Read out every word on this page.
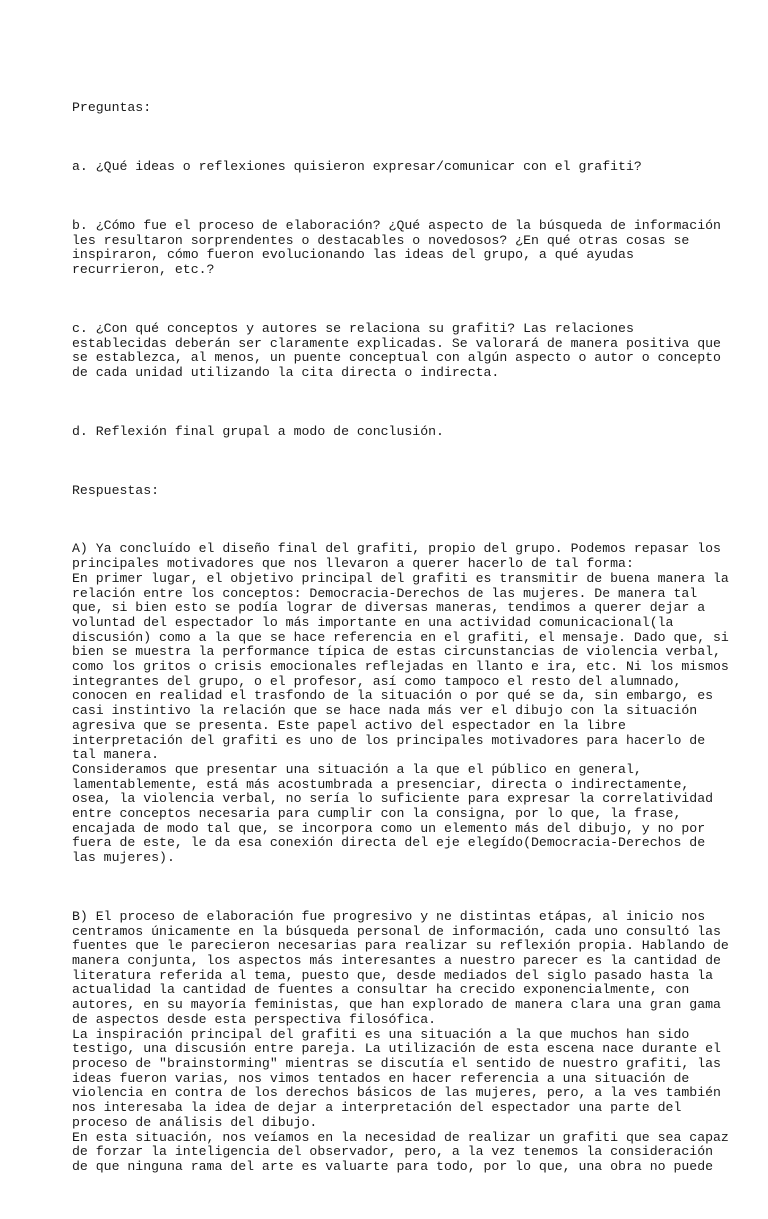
Preguntas:

a. ¿Qué ideas o reflexiones quisieron expresar/comunicar con el grafiti?

b. ¿Cómo fue el proceso de elaboración? ¿Qué aspecto de la búsqueda de información
les resultaron sorprendentes o destacables o novedosos? ¿En qué otras cosas se
inspiraron, cómo fueron evolucionando las ideas del grupo, a qué ayudas
recurrieron, etc.?

c. ¿Con qué conceptos y autores se relaciona su grafiti? Las relaciones
establecidas deberán ser claramente explicadas. Se valorará de manera positiva que
se establezca, al menos, un puente conceptual con algún aspecto o autor o concepto
de cada unidad utilizando la cita directa o indirecta.

d. Reflexión final grupal a modo de conclusión.

Respuestas:

A) Ya concluído el diseño final del grafiti, propio del grupo. Podemos repasar los
principales motivadores que nos llevaron a querer hacerlo de tal forma:
En primer lugar, el objetivo principal del grafiti es transmitir de buena manera la
relación entre los conceptos: Democracia-Derechos de las mujeres. De manera tal
que, si bien esto se podía lograr de diversas maneras, tendimos a querer dejar a
voluntad del espectador lo más importante en una actividad comunicacional(la
discusión) como a la que se hace referencia en el grafiti, el mensaje. Dado que, si
bien se muestra la performance típica de estas circunstancias de violencia verbal,
como los gritos o crisis emocionales reflejadas en llanto e ira, etc. Ni los mismos
integrantes del grupo, o el profesor, así como tampoco el resto del alumnado,
conocen en realidad el trasfondo de la situación o por qué se da, sin embargo, es
casi instintivo la relación que se hace nada más ver el dibujo con la situación
agresiva que se presenta. Este papel activo del espectador en la libre
interpretación del grafiti es uno de los principales motivadores para hacerlo de
tal manera.
Consideramos que presentar una situación a la que el público en general,
lamentablemente, está más acostumbrada a presenciar, directa o indirectamente,
osea, la violencia verbal, no sería lo suficiente para expresar la correlatividad
entre conceptos necesaria para cumplir con la consigna, por lo que, la frase,
encajada de modo tal que, se incorpora como un elemento más del dibujo, y no por
fuera de este, le da esa conexión directa del eje elegído(Democracia-Derechos de
las mujeres).

B) El proceso de elaboración fue progresivo y ne distintas etápas, al inicio nos
centramos únicamente en la búsqueda personal de información, cada uno consultó las
fuentes que le parecieron necesarias para realizar su reflexión propia. Hablando de
manera conjunta, los aspectos más interesantes a nuestro parecer es la cantidad de
literatura referida al tema, puesto que, desde mediados del siglo pasado hasta la
actualidad la cantidad de fuentes a consultar ha crecido exponencialmente, con
autores, en su mayoría feministas, que han explorado de manera clara una gran gama
de aspectos desde esta perspectiva filosófica.
La inspiración principal del grafiti es una situación a la que muchos han sido
testigo, una discusión entre pareja. La utilización de esta escena nace durante el
proceso de "brainstorming" mientras se discutía el sentido de nuestro grafiti, las
ideas fueron varias, nos vimos tentados en hacer referencia a una situación de
violencia en contra de los derechos básicos de las mujeres, pero, a la ves también
nos interesaba la idea de dejar a interpretación del espectador una parte del
proceso de análisis del dibujo.
En esta situación, nos veíamos en la necesidad de realizar un grafiti que sea capaz
de forzar la inteligencia del observador, pero, a la vez tenemos la consideración
de que ninguna rama del arte es valuarte para todo, por lo que, una obra no puede
